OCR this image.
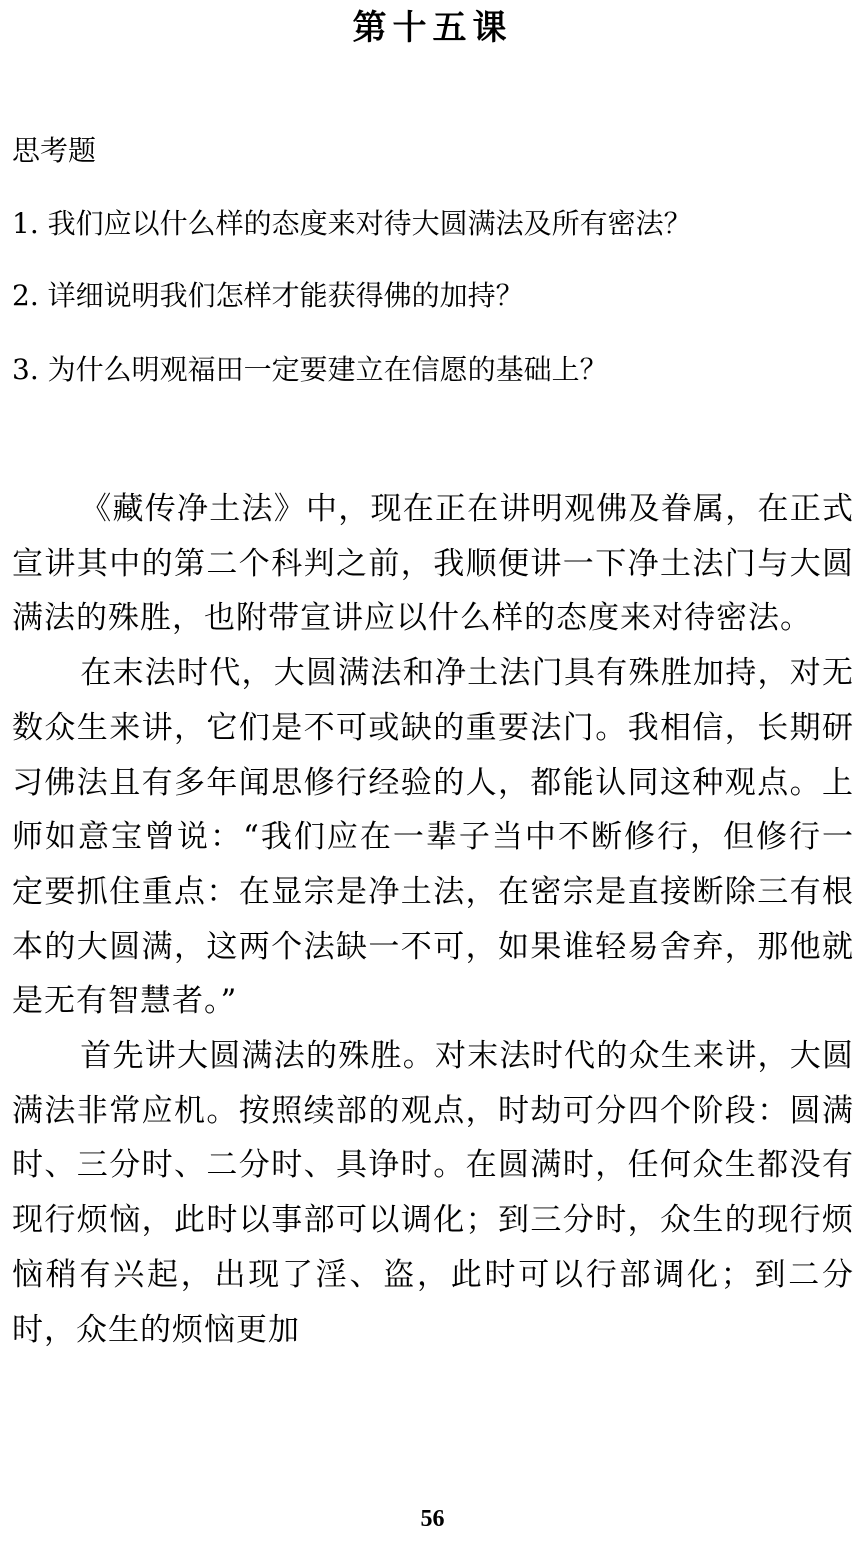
第十五课
思考题
1. 我们应以什么样的态度来对待大圆满法及所有密法？
2. 详细说明我们怎样才能获得佛的加持？
3. 为什么明观福田一定要建立在信愿的基础上？

《藏传净土法》中，现在正在讲明观佛及眷属，在正式宣讲其中的第二个科判之前，我顺便讲一下净土法门与大圆满法的殊胜，也附带宣讲应以什么样的态度来对待密法。

在末法时代，大圆满法和净土法门具有殊胜加持，对无数众生来讲，它们是不可或缺的重要法门。我相信，长期研习佛法且有多年闻思修行经验的人，都能认同这种观点。上师如意宝曾说：“我们应在一辈子当中不断修行，但修行一定要抓住重点：在显宗是净土法，在密宗是直接断除三有根本的大圆满，这两个法缺一不可，如果谁轻易舍弃，那他就是无有智慧者。”

首先讲大圆满法的殊胜。对末法时代的众生来讲，大圆满法非常应机。按照续部的观点，时劫可分四个阶段：圆满时、三分时、二分时、具诤时。在圆满时，任何众生都没有现行烦恼，此时以事部可以调化；到三分时，众生的现行烦恼稍有兴起，出现了淫、盗，此时可以行部调化；到二分时，众生的烦恼更加

56
